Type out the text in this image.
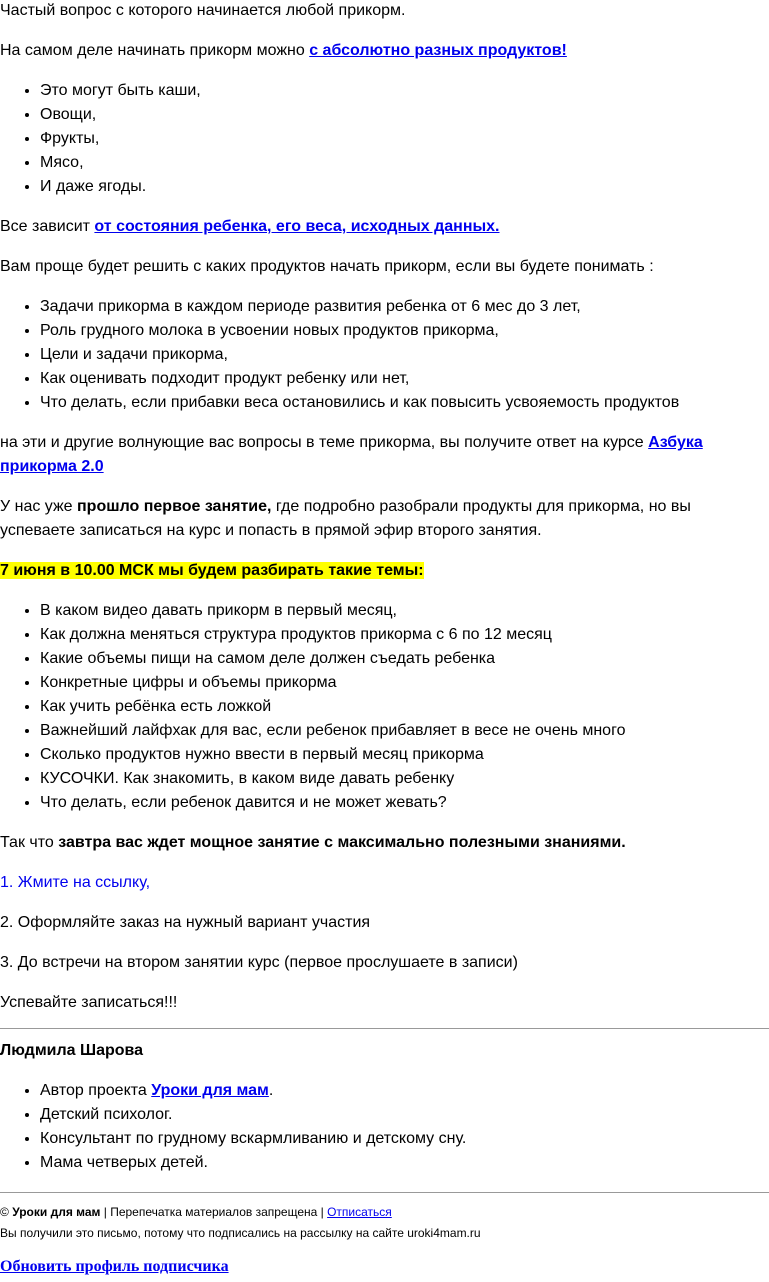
Частый вопрос с которого начинается любой прикорм.

На самом деле начинать прикорм можно с абсолютно разных продуктов!

• Это могут быть каши,
• Овощи,
• Фрукты,
• Мясо,
• И даже ягоды.

Все зависит от состояния ребенка, его веса, исходных данных.

Вам проще будет решить с каких продуктов начать прикорм, если вы будете понимать :

• Задачи прикорма в каждом периоде развития ребенка от 6 мес до 3 лет,
• Роль грудного молока в усвоении новых продуктов прикорма,
• Цели и задачи прикорма,
• Как оценивать подходит продукт ребенку или нет,
• Что делать, если прибавки веса остановились и как повысить усвояемость продуктов

на эти и другие волнующие вас вопросы в теме прикорма, вы получите ответ на курсе Азбука прикорма 2.0

У нас уже прошло первое занятие, где подробно разобрали продукты для прикорма, но вы успеваете записаться на курс и попасть в прямой эфир второго занятия.

7 июня в 10.00 МСК мы будем разбирать такие темы:

• В каком видео давать прикорм в первый месяц,
• Как должна меняться структура продуктов прикорма с 6 по 12 месяц
• Какие объемы пищи на самом деле должен съедать ребенка
• Конкретные цифры и объемы прикорма
• Как учить ребёнка есть ложкой
• Важнейший лайфхак для вас, если ребенок прибавляет в весе не очень много
• Сколько продуктов нужно ввести в первый месяц прикорма
• КУСОЧКИ. Как знакомить, в каком виде давать ребенку
• Что делать, если ребенок давится и не может жевать?

Так что завтра вас ждет мощное занятие с максимально полезными знаниями.

1. Жмите на ссылку,

2. Оформляйте заказ на нужный вариант участия

3. До встречи на втором занятии курс (первое прослушаете в записи)

Успевайте записаться!!!

Людмила Шарова

• Автор проекта Уроки для мам.
• Детский психолог.
• Консультант по грудному вскармливанию и детскому сну.
• Мама четверых детей.

© Уроки для мам | Перепечатка материалов запрещена | Отписаться

Вы получили это письмо, потому что подписались на рассылку на сайте uroki4mam.ru

Обновить профиль подписчика
